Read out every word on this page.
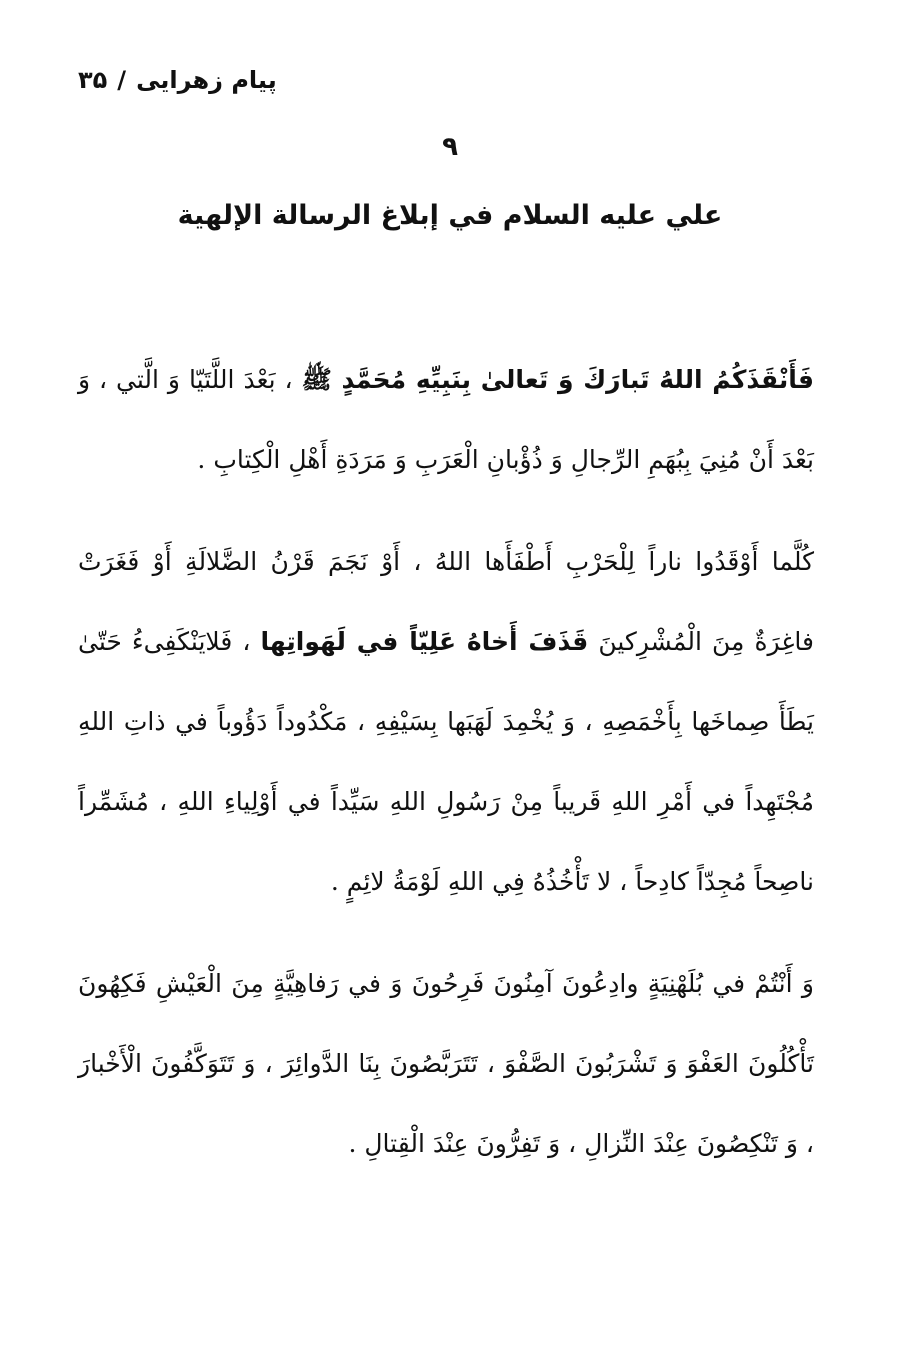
پیام زهرایی/۳۵
۹
علي عليه السلام في إبلاغ الرسالة الإلهية

فَأَنْقَذَكُمُ اللهُ تَبارَكَ وَ تَعالىٰ بِنَبِيِّهِ مُحَمَّدٍ ﷺ ، بَعْدَ اللَّتَيّا وَ الَّتي ، وَ بَعْدَ أَنْ مُنِيَ بِبُهَمِ الرِّجالِ وَ ذُؤْبانِ الْعَرَبِ وَ مَرَدَةِ أَهْلِ الْكِتابِ .

كُلَّما أَوْقَدُوا ناراً لِلْحَرْبِ أَطْفَأَها اللهُ ، أَوْ نَجَمَ قَرْنُ الضَّلالَةِ أَوْ فَغَرَتْ فاغِرَةٌ مِنَ الْمُشْرِكينَ قَذَفَ أَخاهُ عَلِيّاً في لَهَواتِها ، فَلايَنْكَفِىءُ حَتّىٰ يَطَأَ صِماخَها بِأَخْمَصِهِ ، وَ يُخْمِدَ لَهَبَها بِسَيْفِهِ ، مَكْدُوداً دَؤُوباً في ذاتِ اللهِ مُجْتَهِداً في أَمْرِ اللهِ قَريباً مِنْ رَسُولِ اللهِ سَيِّداً في أَوْلِياءِ اللهِ ، مُشَمِّراً ناصِحاً مُجِدّاً كادِحاً ، لا تَأْخُذُهُ فِي اللهِ لَوْمَةُ لائِمٍ .

وَ أَنْتُمْ في بُلَهْنِيَةٍ وادِعُونَ آمِنُونَ فَرِحُونَ وَ في رَفاهِيَّةٍ مِنَ الْعَيْشِ فَكِهُونَ تَأْكُلُونَ العَفْوَ وَ تَشْرَبُونَ الصَّفْوَ ، تَتَرَبَّصُونَ بِنَا الدَّوائِرَ ، وَ تَتَوَكَّفُونَ الْأَخْبارَ ، وَ تَنْكِصُونَ عِنْدَ النِّزالِ ، وَ تَفِرُّونَ عِنْدَ الْقِتالِ .
